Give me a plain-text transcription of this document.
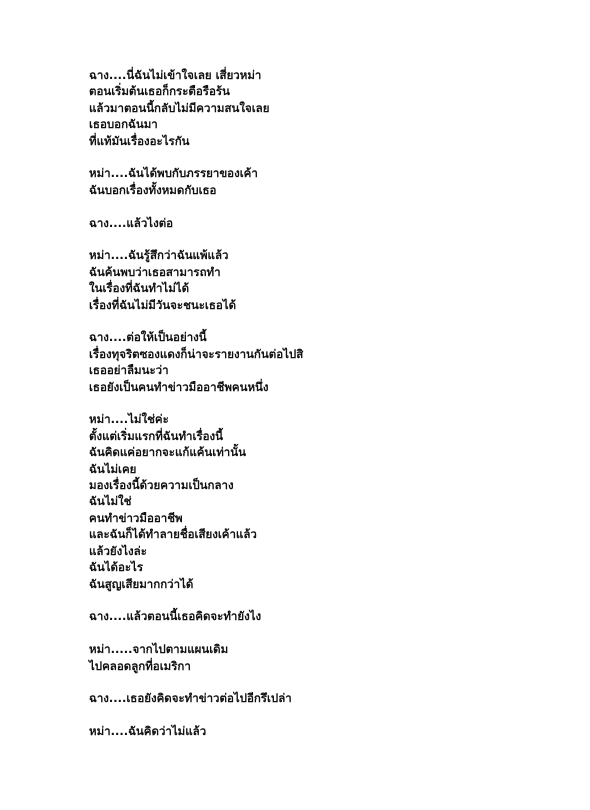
ฉาง....นี่ฉันไม่เข้าใจเลย เสี่ยวหม่า
ตอนเริ่มต้นเธอก็กระตือรือร้น
แล้วมาตอนนี้กลับไม่มีความสนใจเลย
เธอบอกฉันมา
ที่แท้มันเรื่องอะไรกัน
หม่า....ฉันได้พบกับภรรยาของเค้า
ฉันบอกเรื่องทั้งหมดกับเธอ
ฉาง....แล้วไงต่อ
หม่า....ฉันรู้สึกว่าฉันแพ้แล้ว
ฉันค้นพบว่าเธอสามารถทำ
ในเรื่องที่ฉันทำไม่ได้
เรื่องที่ฉันไม่มีวันจะชนะเธอได้
ฉาง....ต่อให้เป็นอย่างนี้
เรื่องทุจริตซองแดงก็น่าจะรายงานกันต่อไปสิ
เธออย่าลืมนะว่า
เธอยังเป็นคนทำข่าวมืออาชีพคนหนึ่ง
หม่า....ไม่ใช่ค่ะ
ตั้งแต่เริ่มแรกที่ฉันทำเรื่องนี้
ฉันคิดแค่อยากจะแก้แค้นเท่านั้น
ฉันไม่เคย
มองเรื่องนี้ด้วยความเป็นกลาง
ฉันไม่ใช่
คนทำข่าวมืออาชีพ
และฉันก็ได้ทำลายชื่อเสียงเค้าแล้ว
แล้วยังไงล่ะ
ฉันได้อะไร
ฉันสูญเสียมากกว่าได้
ฉาง....แล้วตอนนี้เธอคิดจะทำยังไง
หม่า.....จากไปตามแผนเดิม
ไปคลอดลูกที่อเมริกา
ฉาง....เธอยังคิดจะทำข่าวต่อไปอีกรึเปล่า
หม่า....ฉันคิดว่าไม่แล้ว
